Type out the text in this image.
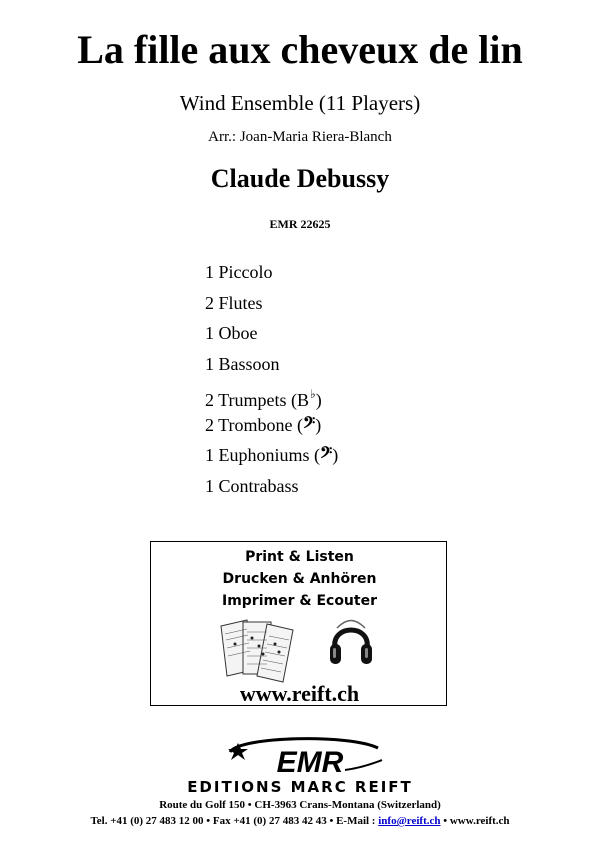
La fille aux cheveux de lin
Wind Ensemble (11 Players)
Arr.: Joan-Maria Riera-Blanch
Claude Debussy
EMR 22625
1 Piccolo
2 Flutes
1 Oboe
1 Bassoon
2 Trumpets (B♭)
2 Trombone (𝄢)
1 Euphoniums (𝄢)
1 Contrabass
Print & Listen
Drucken & Anhören
Imprimer & Ecouter
www.reift.ch
EMR
EDITIONS MARC REIFT
Route du Golf 150 • CH-3963 Crans-Montana (Switzerland)
Tel. +41 (0) 27 483 12 00 • Fax +41 (0) 27 483 42 43 • E-Mail : info@reift.ch • www.reift.ch
